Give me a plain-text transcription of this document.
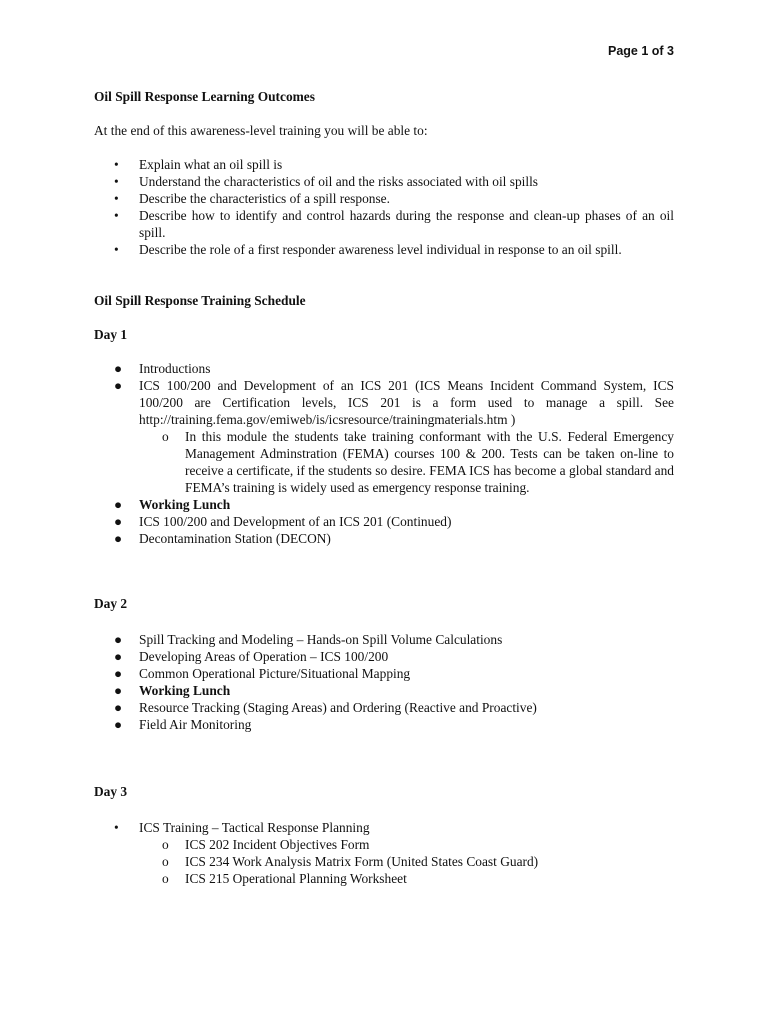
Page 1 of 3
Oil Spill Response Learning Outcomes

At the end of this awareness-level training you will be able to:

• Explain what an oil spill is
• Understand the characteristics of oil and the risks associated with oil spills
• Describe the characteristics of a spill response.
• Describe how to identify and control hazards during the response and clean-up phases of an oil spill.
• Describe the role of a first responder awareness level individual in response to an oil spill.
Oil Spill Response Training Schedule
Day 1
● Introductions
● ICS 100/200 and Development of an ICS 201 (ICS Means Incident Command System, ICS 100/200 are Certification levels, ICS 201 is a form used to manage a spill. See http://training.fema.gov/emiweb/is/icsresource/trainingmaterials.htm )
o In this module the students take training conformant with the U.S. Federal Emergency Management Adminstration (FEMA) courses 100 & 200. Tests can be taken on-line to receive a certificate, if the students so desire. FEMA ICS has become a global standard and FEMA’s training is widely used as emergency response training.
● Working Lunch
● ICS 100/200 and Development of an ICS 201 (Continued)
● Decontamination Station (DECON)
Day 2
● Spill Tracking and Modeling – Hands-on Spill Volume Calculations
● Developing Areas of Operation – ICS 100/200
● Common Operational Picture/Situational Mapping
● Working Lunch
● Resource Tracking (Staging Areas) and Ordering (Reactive and Proactive)
● Field Air Monitoring
Day 3
• ICS Training – Tactical Response Planning
o ICS 202 Incident Objectives Form
o ICS 234 Work Analysis Matrix Form (United States Coast Guard)
o ICS 215 Operational Planning Worksheet
